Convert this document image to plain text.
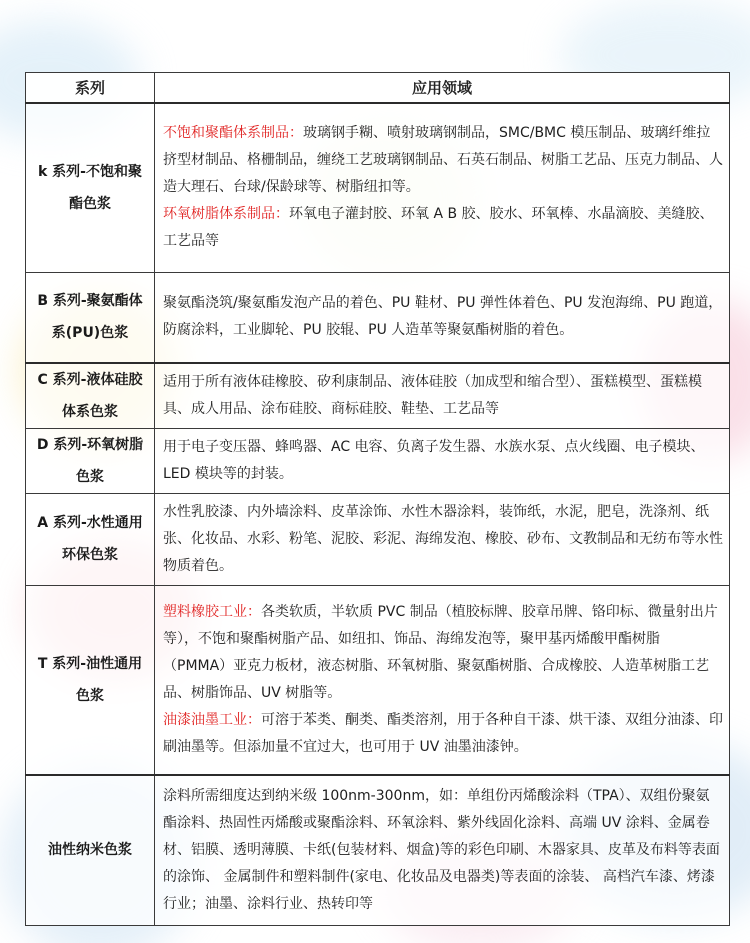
系列	应用领域
k 系列-不饱和聚酯色浆	不饱和聚酯体系制品：玻璃钢手糊、喷射玻璃钢制品，SMC/BMC 模压制品、玻璃纤维拉挤型材制品、格栅制品，缠绕工艺玻璃钢制品、石英石制品、树脂工艺品、压克力制品、人造大理石、台球/保龄球等、树脂纽扣等。
环氧树脂体系制品：环氧电子灌封胶、环氧 A B 胶、胶水、环氧棒、水晶滴胶、美缝胶、工艺品等

B 系列-聚氨酯体系(PU)色浆	聚氨酯浇筑/聚氨酯发泡产品的着色、PU 鞋材、PU 弹性体着色、PU 发泡海绵、PU 跑道，防腐涂料，工业脚轮、PU 胶辊、PU 人造革等聚氨酯树脂的着色。

C 系列-液体硅胶体系色浆	适用于所有液体硅橡胶、矽利康制品、液体硅胶（加成型和缩合型）、蛋糕模型、蛋糕模具、成人用品、涂布硅胶、商标硅胶、鞋垫、工艺品等

D 系列-环氧树脂色浆	用于电子变压器、蜂鸣器、AC 电容、负离子发生器、水族水泵、点火线圈、电子模块、LED 模块等的封装。

A 系列-水性通用环保色浆	水性乳胶漆、内外墙涂料、皮革涂饰、水性木器涂料，装饰纸，水泥，肥皂，洗涤剂、纸张、化妆品、水彩、粉笔、泥胶、彩泥、海绵发泡、橡胶、砂布、文教制品和无纺布等水性物质着色。

T 系列-油性通用色浆	塑料橡胶工业：各类软质，半软质 PVC 制品（植胶标牌、胶章吊牌、铬印标、微量射出片等），不饱和聚酯树脂产品、如纽扣、饰品、海绵发泡等，聚甲基丙烯酸甲酯树脂（PMMA）亚克力板材，液态树脂、环氧树脂、聚氨酯树脂、合成橡胶、人造革树脂工艺品、树脂饰品、UV 树脂等。
油漆油墨工业：可溶于苯类、酮类、酯类溶剂，用于各种自干漆、烘干漆、双组分油漆、印刷油墨等。但添加量不宜过大，也可用于 UV 油墨油漆钟。

油性纳米色浆	涂料所需细度达到纳米级 100nm-300nm，如：单组份丙烯酸涂料（TPA）、双组份聚氨酯涂料、热固性丙烯酸或聚酯涂料、环氧涂料、紫外线固化涂料、高端 UV 涂料、金属卷材、铝膜、透明薄膜、卡纸(包装材料、烟盒)等的彩色印刷、木器家具、皮革及布料等表面的涂饰、 金属制件和塑料制件(家电、化妆品及电器类)等表面的涂装、 高档汽车漆、烤漆行业；油墨、涂料行业、热转印等
